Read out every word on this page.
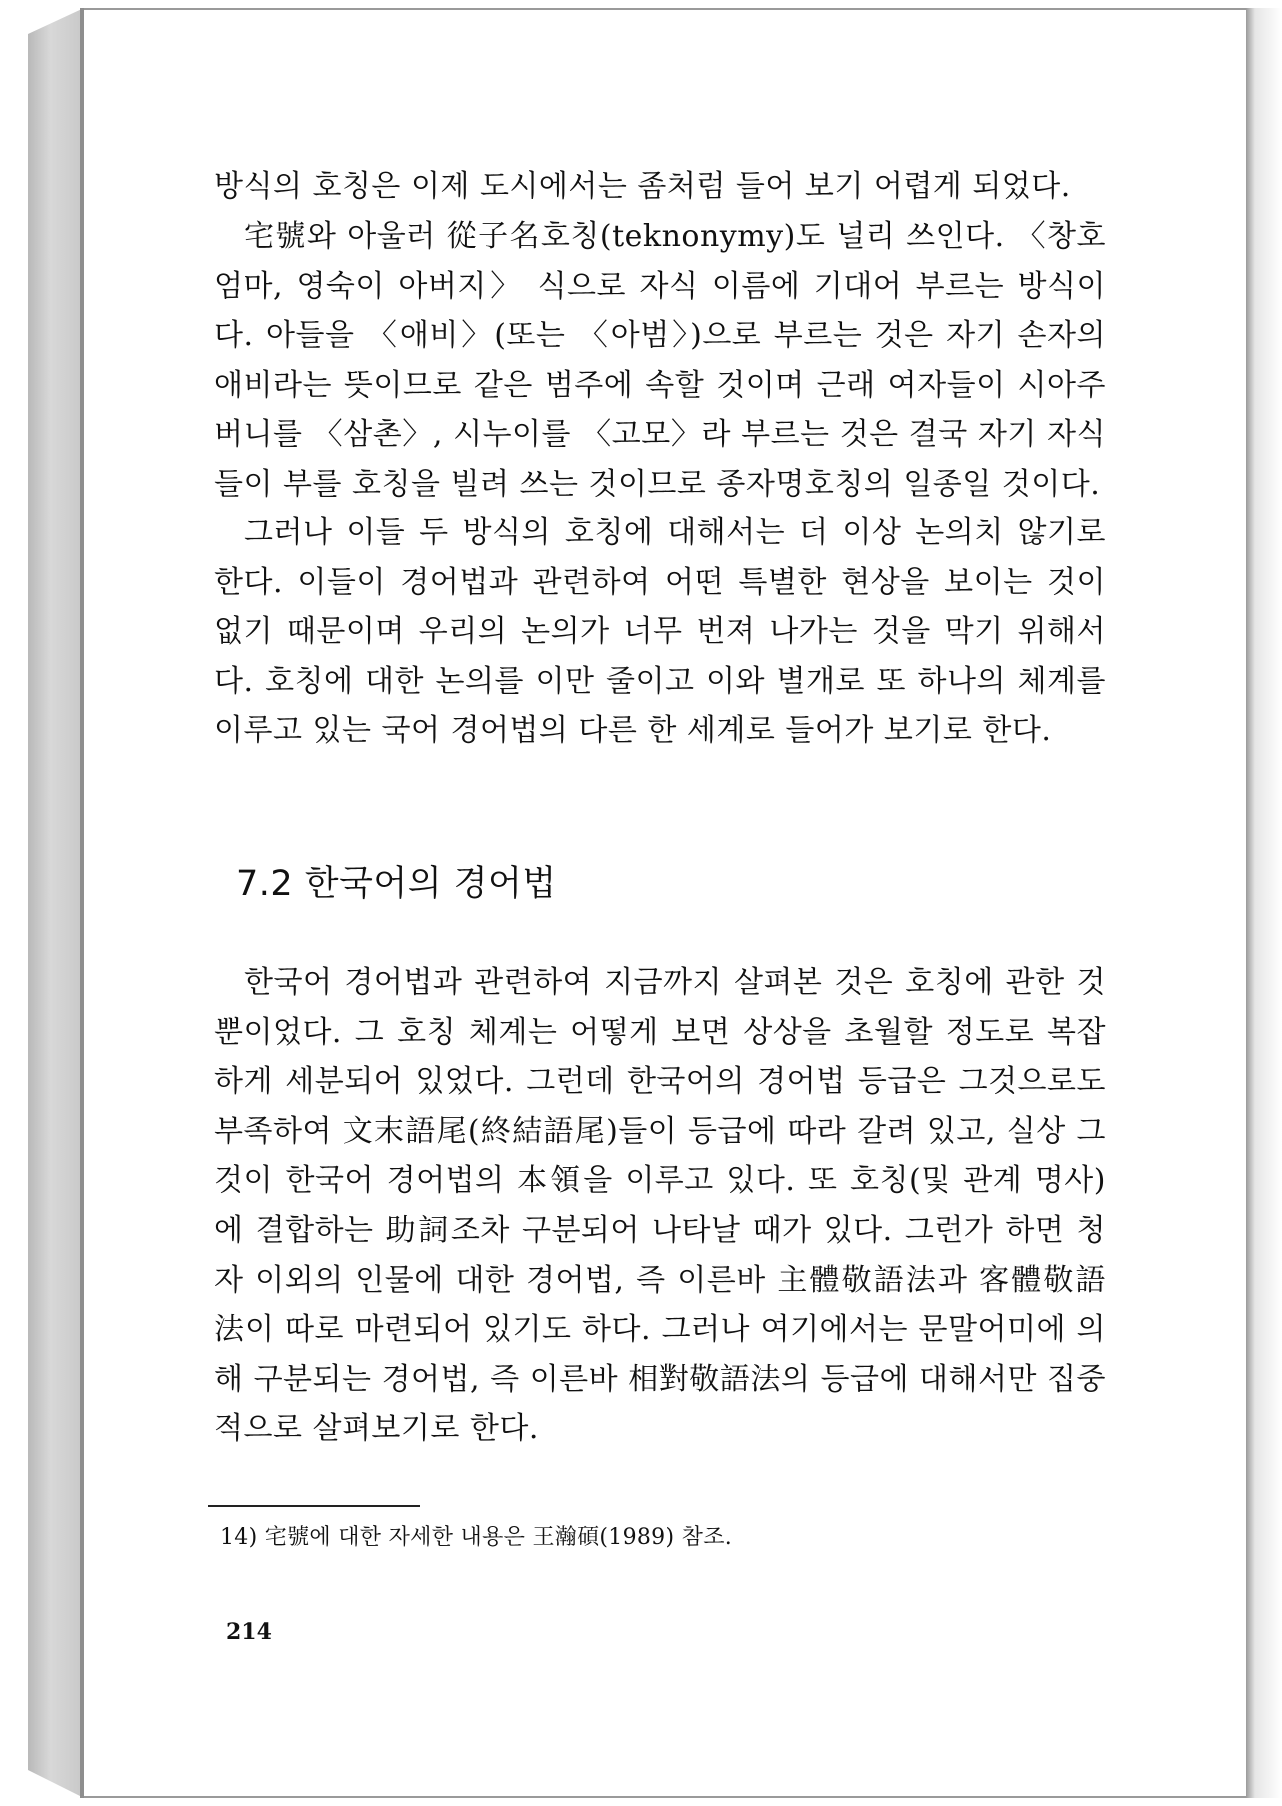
방식의 호칭은 이제 도시에서는 좀처럼 들어 보기 어렵게 되었다.

宅號와 아울러 從子名호칭(teknonymy)도 널리 쓰인다. 〈창호 엄마, 영숙이 아버지〉 식으로 자식 이름에 기대어 부르는 방식이다. 아들을 〈애비〉(또는 〈아범〉)으로 부르는 것은 자기 손자의 애비라는 뜻이므로 같은 범주에 속할 것이며 근래 여자들이 시아주버니를 〈삼촌〉, 시누이를 〈고모〉라 부르는 것은 결국 자기 자식들이 부를 호칭을 빌려 쓰는 것이므로 종자명호칭의 일종일 것이다.

그러나 이들 두 방식의 호칭에 대해서는 더 이상 논의치 않기로 한다. 이들이 경어법과 관련하여 어떤 특별한 현상을 보이는 것이 없기 때문이며 우리의 논의가 너무 번져 나가는 것을 막기 위해서다. 호칭에 대한 논의를 이만 줄이고 이와 별개로 또 하나의 체계를 이루고 있는 국어 경어법의 다른 한 세계로 들어가 보기로 한다.

7.2 한국어의 경어법

한국어 경어법과 관련하여 지금까지 살펴본 것은 호칭에 관한 것뿐이었다. 그 호칭 체계는 어떻게 보면 상상을 초월할 정도로 복잡하게 세분되어 있었다. 그런데 한국어의 경어법 등급은 그것으로도 부족하여 文末語尾(終結語尾)들이 등급에 따라 갈려 있고, 실상 그것이 한국어 경어법의 本領을 이루고 있다. 또 호칭(및 관계 명사)에 결합하는 助詞조차 구분되어 나타날 때가 있다. 그런가 하면 청자 이외의 인물에 대한 경어법, 즉 이른바 主體敬語法과 客體敬語法이 따로 마련되어 있기도 하다. 그러나 여기에서는 문말어미에 의해 구분되는 경어법, 즉 이른바 相對敬語法의 등급에 대해서만 집중적으로 살펴보기로 한다.

14) 宅號에 대한 자세한 내용은 王瀚碩(1989) 참조.

214
